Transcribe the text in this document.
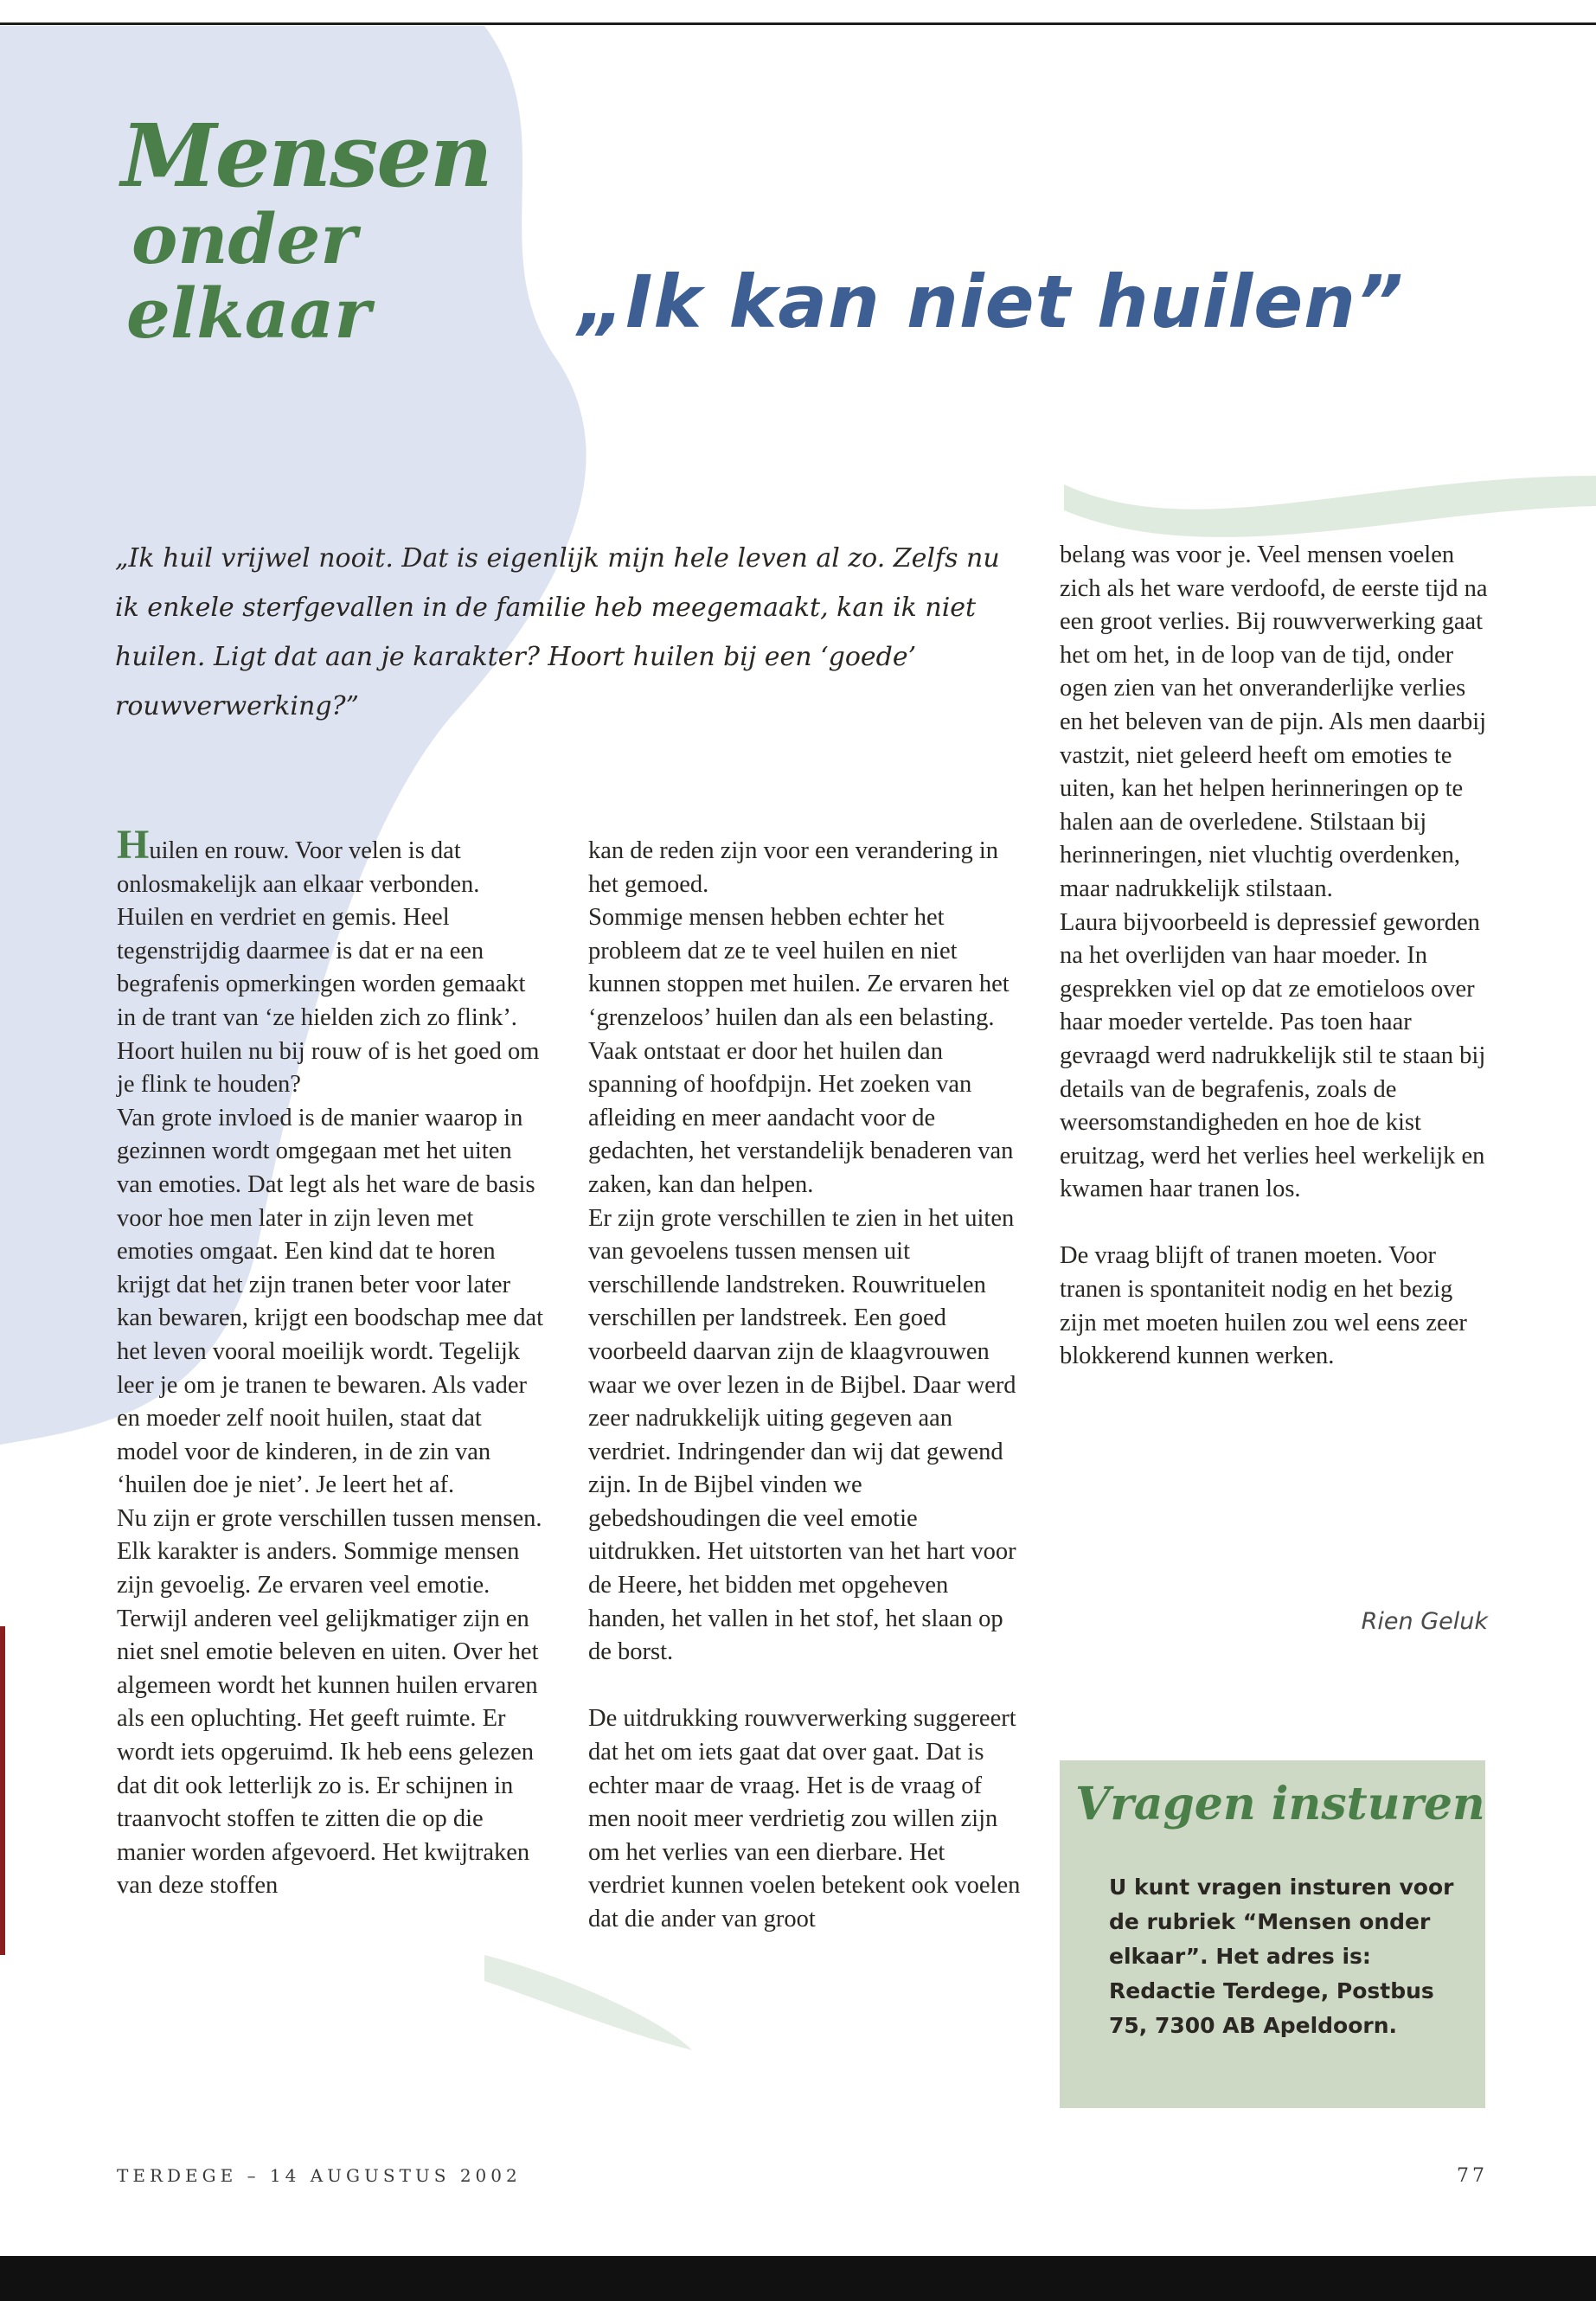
Mensen
onder
elkaar	„Ik kan niet huilen”
„Ik huil vrijwel nooit. Dat is eigenlijk mijn hele leven al zo. Zelfs nu ik enkele sterfgevallen in de familie heb meegemaakt, kan ik niet huilen. Ligt dat aan je karakter? Hoort huilen bij een ‘goede’ rouwverwerking?”

Huilen en rouw. Voor velen is dat onlosmakelijk aan elkaar verbonden. Huilen en verdriet en gemis. Heel tegenstrijdig daarmee is dat er na een begrafenis opmerkingen worden gemaakt in de trant van ‘ze hielden zich zo flink’. Hoort huilen nu bij rouw of is het goed om je flink te houden?

Van grote invloed is de manier waarop in gezinnen wordt omgegaan met het uiten van emoties. Dat legt als het ware de basis voor hoe men later in zijn leven met emoties omgaat. Een kind dat te horen krijgt dat het zijn tranen beter voor later kan bewaren, krijgt een boodschap mee dat het leven vooral moeilijk wordt. Tegelijk leer je om je tranen te bewaren. Als vader en moeder zelf nooit huilen, staat dat model voor de kinderen, in de zin van ‘huilen doe je niet’. Je leert het af.

Nu zijn er grote verschillen tussen mensen. Elk karakter is anders. Sommige mensen zijn gevoelig. Ze ervaren veel emotie. Terwijl anderen veel gelijkmatiger zijn en niet snel emotie beleven en uiten. Over het algemeen wordt het kunnen huilen ervaren als een opluchting. Het geeft ruimte. Er wordt iets opgeruimd. Ik heb eens gelezen dat dit ook letterlijk zo is. Er schijnen in traanvocht stoffen te zitten die op die manier worden afgevoerd. Het kwijtraken van deze stoffen

kan de reden zijn voor een verandering in het gemoed.

Sommige mensen hebben echter het probleem dat ze te veel huilen en niet kunnen stoppen met huilen. Ze ervaren het ‘grenzeloos’ huilen dan als een belasting. Vaak ontstaat er door het huilen dan spanning of hoofdpijn. Het zoeken van afleiding en meer aandacht voor de gedachten, het verstandelijk benaderen van zaken, kan dan helpen.

Er zijn grote verschillen te zien in het uiten van gevoelens tussen mensen uit verschillende landstreken. Rouwrituelen verschillen per landstreek. Een goed voorbeeld daarvan zijn de klaagvrouwen waar we over lezen in de Bijbel. Daar werd zeer nadrukkelijk uiting gegeven aan verdriet. Indringender dan wij dat gewend zijn. In de Bijbel vinden we gebedshoudingen die veel emotie uitdrukken. Het uitstorten van het hart voor de Heere, het bidden met opgeheven handen, het vallen in het stof, het slaan op de borst.

De uitdrukking rouwverwerking suggereert dat het om iets gaat dat over gaat. Dat is echter maar de vraag. Het is de vraag of men nooit meer verdrietig zou willen zijn om het verlies van een dierbare. Het verdriet kunnen voelen betekent ook voelen dat die ander van groot

belang was voor je. Veel mensen voelen zich als het ware verdoofd, de eerste tijd na een groot verlies. Bij rouwverwerking gaat het om het, in de loop van de tijd, onder ogen zien van het onveranderlijke verlies en het beleven van de pijn. Als men daarbij vastzit, niet geleerd heeft om emoties te uiten, kan het helpen herinneringen op te halen aan de overledene. Stilstaan bij herinneringen, niet vluchtig overdenken, maar nadrukkelijk stilstaan.

Laura bijvoorbeeld is depressief geworden na het overlijden van haar moeder. In gesprekken viel op dat ze emotieloos over haar moeder vertelde. Pas toen haar gevraagd werd nadrukkelijk stil te staan bij details van de begrafenis, zoals de weersomstandigheden en hoe de kist eruitzag, werd het verlies heel werkelijk en kwamen haar tranen los.

De vraag blijft of tranen moeten. Voor tranen is spontaniteit nodig en het bezig zijn met moeten huilen zou wel eens zeer blokkerend kunnen werken.

Rien Geluk
Vragen insturen
U kunt vragen insturen voor de rubriek “Mensen onder elkaar”. Het adres is: Redactie Terdege, Postbus 75, 7300 AB Apeldoorn.
TERDEGE – 14 AUGUSTUS 2002	77
